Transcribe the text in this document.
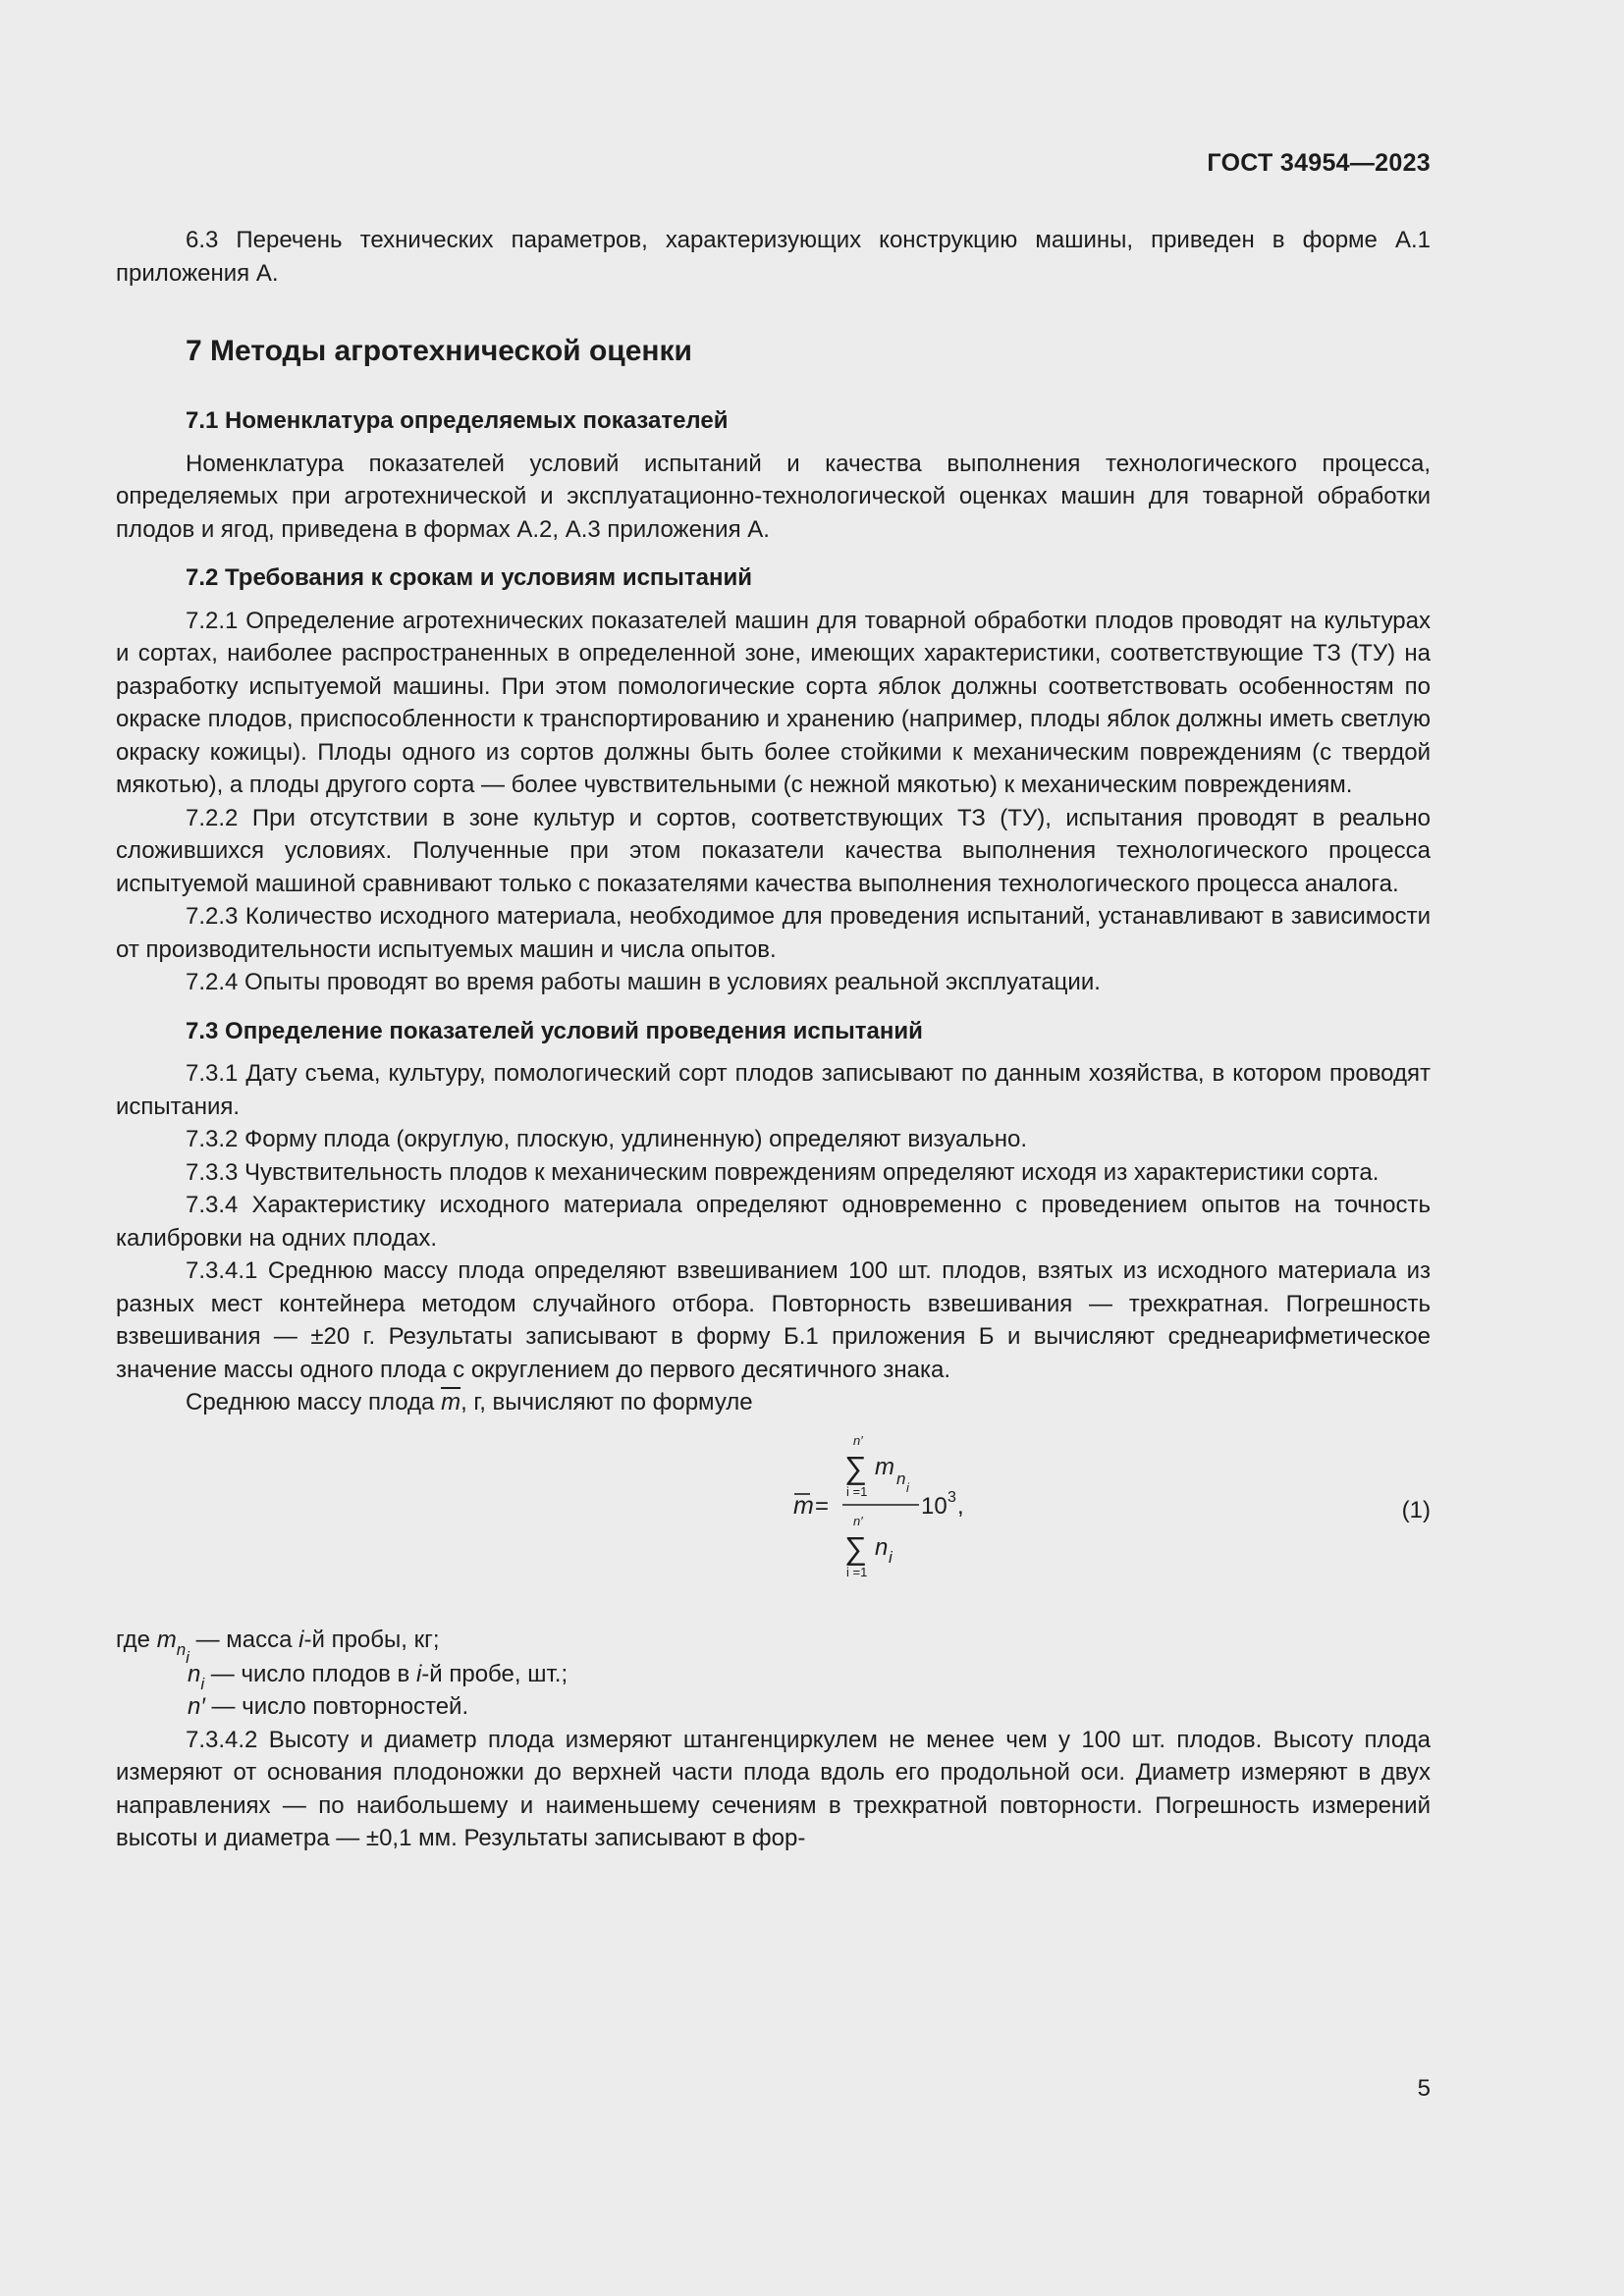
ГОСТ 34954—2023

6.3 Перечень технических параметров, характеризующих конструкцию машины, приведен в форме А.1 приложения А.

7 Методы агротехнической оценки
7.1 Номенклатура определяемых показателей

Номенклатура показателей условий испытаний и качества выполнения технологического процесса, определяемых при агротехнической и эксплуатационно-технологической оценках машин для товарной обработки плодов и ягод, приведена в формах А.2, А.3 приложения А.

7.2 Требования к срокам и условиям испытаний

7.2.1 Определение агротехнических показателей машин для товарной обработки плодов проводят на культурах и сортах, наиболее распространенных в определенной зоне, имеющих характеристики, соответствующие ТЗ (ТУ) на разработку испытуемой машины. При этом помологические сорта яблок должны соответствовать особенностям по окраске плодов, приспособленности к транспортированию и хранению (например, плоды яблок должны иметь светлую окраску кожицы). Плоды одного из сортов должны быть более стойкими к механическим повреждениям (с твердой мякотью), а плоды другого сорта — более чувствительными (с нежной мякотью) к механическим повреждениям.

7.2.2 При отсутствии в зоне культур и сортов, соответствующих ТЗ (ТУ), испытания проводят в реально сложившихся условиях. Полученные при этом показатели качества выполнения технологического процесса испытуемой машиной сравнивают только с показателями качества выполнения технологического процесса аналога.

7.2.3 Количество исходного материала, необходимое для проведения испытаний, устанавливают в зависимости от производительности испытуемых машин и числа опытов.

7.2.4 Опыты проводят во время работы машин в условиях реальной эксплуатации.

7.3 Определение показателей условий проведения испытаний

7.3.1 Дату съема, культуру, помологический сорт плодов записывают по данным хозяйства, в котором проводят испытания.

7.3.2 Форму плода (округлую, плоскую, удлиненную) определяют визуально.

7.3.3 Чувствительность плодов к механическим повреждениям определяют исходя из характеристики сорта.

7.3.4 Характеристику исходного материала определяют одновременно с проведением опытов на точность калибровки на одних плодах.

7.3.4.1 Среднюю массу плода определяют взвешиванием 100 шт. плодов, взятых из исходного материала из разных мест контейнера методом случайного отбора. Повторность взвешивания — трехкратная. Погрешность взвешивания — ±20 г. Результаты записывают в форму Б.1 приложения Б и вычисляют среднеарифметическое значение массы одного плода с округлением до первого десятичного знака.

Среднюю массу плода $\overline{m}$, г, вычисляют по формуле

m =
n′
∑
i =1
m n i
n′
∑
i =1
n i
10 3 ,	(1)

где $m_{n_i}$ — масса i-й пробы, кг;

$n_i$ — число плодов в i-й пробе, шт.;

n′ — число повторностей.

7.3.4.2 Высоту и диаметр плода измеряют штангенциркулем не менее чем у 100 шт. плодов. Высоту плода измеряют от основания плодоножки до верхней части плода вдоль его продольной оси. Диаметр измеряют в двух направлениях — по наибольшему и наименьшему сечениям в трехкратной повторности. Погрешность измерений высоты и диаметра — ±0,1 мм. Результаты записывают в фор-

5
